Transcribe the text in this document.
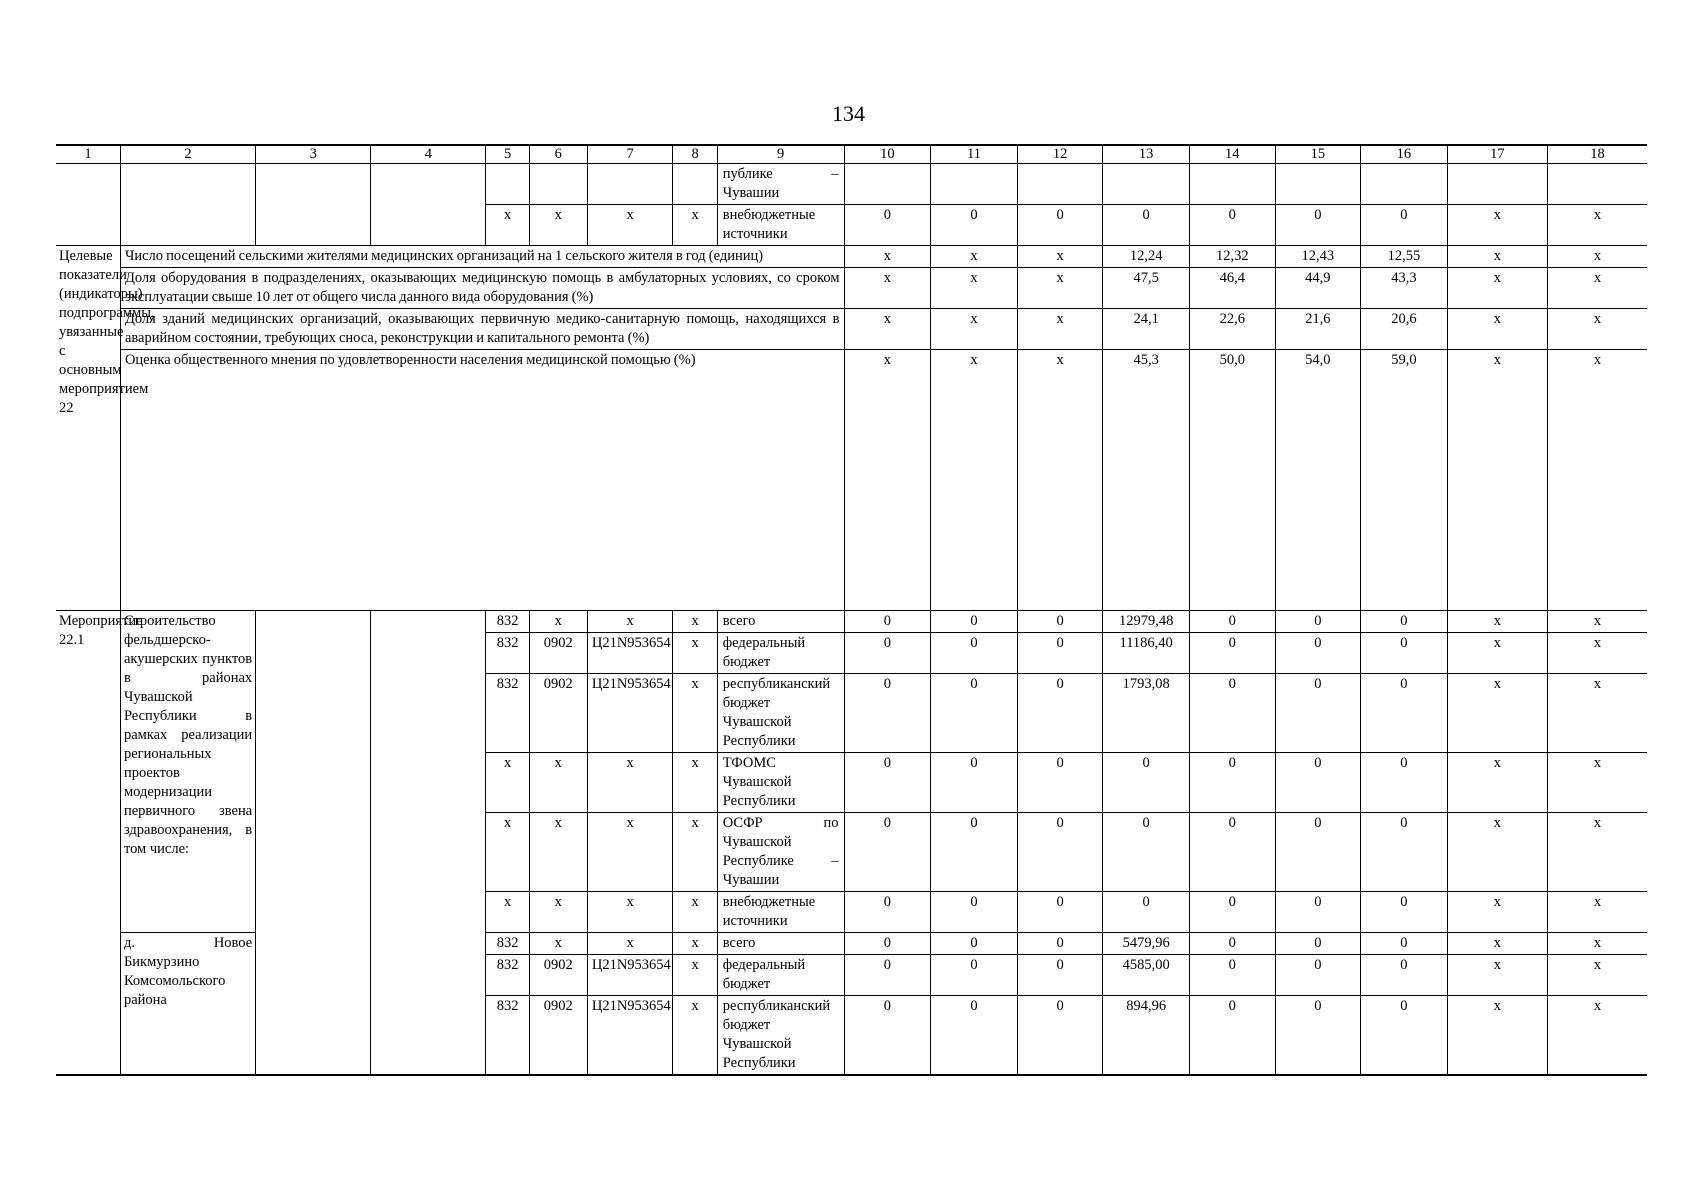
134
1	2	3	4	5	6	7	8	9	10	11	12	13	14	15	16	17	18
								публике – Чувашии									
				х	х	х	х	внебюджетные источники	0	0	0	0	0	0	0	х	х
Целевые показатели (индикаторы) подпрограммы, увязанные с основным мероприятием 22	Число посещений сельскими жителями медицинских организаций на 1 сельского жителя в год (единиц)								х	х	х	12,24	12,32	12,43	12,55	х	х
	Доля оборудования в подразделениях, оказывающих медицинскую помощь в амбулаторных условиях, со сроком эксплуатации свыше 10 лет от общего числа данного вида оборудования (%)								х	х	х	47,5	46,4	44,9	43,3	х	х
	Доля зданий медицинских организаций, оказывающих первичную медико-санитарную помощь, находящихся в аварийном состоянии, требующих сноса, реконструкции и капитального ремонта (%)								х	х	х	24,1	22,6	21,6	20,6	х	х
	Оценка общественного мнения по удовлетворенности населения медицинской помощью (%)								х	х	х	45,3	50,0	54,0	59,0	х	х
Мероприятие 22.1	Строительство фельдшерско-акушерских пунктов в районах Чувашской Республики в рамках реализации региональных проектов модернизации первичного звена здравоохранения, в том числе:			832	х	х	х	всего	0	0	0	12979,48	0	0	0	х	х
				832	0902	Ц21N953654	х	федеральный бюджет	0	0	0	11186,40	0	0	0	х	х
				832	0902	Ц21N953654	х	республиканский бюджет Чувашской Республики	0	0	0	1793,08	0	0	0	х	х
				х	х	х	х	ТФОМС Чувашской Республики	0	0	0	0	0	0	0	х	х
				х	х	х	х	ОСФР по Чувашской Республике – Чувашии	0	0	0	0	0	0	0	х	х
				х	х	х	х	внебюджетные источники	0	0	0	0	0	0	0	х	х
	д. Новое Бикмурзино Комсомольского района			832	х	х	х	всего	0	0	0	5479,96	0	0	0	х	х
				832	0902	Ц21N953654	х	федеральный бюджет	0	0	0	4585,00	0	0	0	х	х
				832	0902	Ц21N953654	х	республиканский бюджет Чувашской Республики	0	0	0	894,96	0	0	0	х	х
